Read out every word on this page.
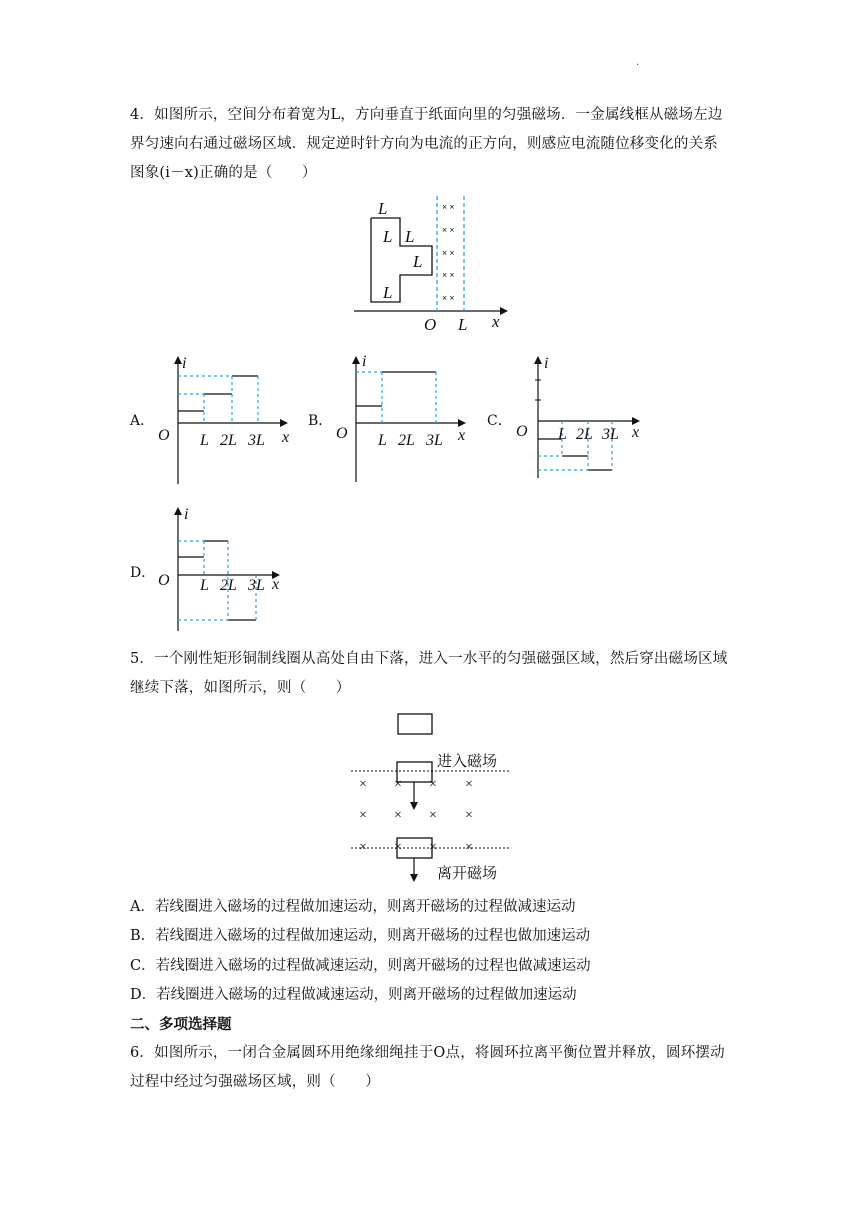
.
4．如图所示，空间分布着宽为L，方向垂直于纸面向里的匀强磁场．一金属线框从磁场左边界匀速向右通过磁场区域．规定逆时针方向为电流的正方向，则感应电流随位移变化的关系图象(i－x)正确的是（　　）
× ×
× ×
× ×
× ×
× ×
L
L L
L
L
O L x
A．	B．	C．
D．
i
O L 2L 3L x
i
O L 2L 3L x
i
O L 2L 3L x
i
O L 2L 3L x
5．一个刚性矩形铜制线圈从高处自由下落，进入一水平的匀强磁强区域，然后穿出磁场区域继续下落，如图所示，则（　　）
× × × ×
× × × ×
× × × ×
进入磁场
离开磁场
A．若线圈进入磁场的过程做加速运动，则离开磁场的过程做减速运动
B．若线圈进入磁场的过程做加速运动，则离开磁场的过程也做加速运动
C．若线圈进入磁场的过程做减速运动，则离开磁场的过程也做减速运动
D．若线圈进入磁场的过程做减速运动，则离开磁场的过程做加速运动
二、多项选择题
6．如图所示，一闭合金属圆环用绝缘细绳挂于O点，将圆环拉离平衡位置并释放，圆环摆动过程中经过匀强磁场区域，则（　　）
